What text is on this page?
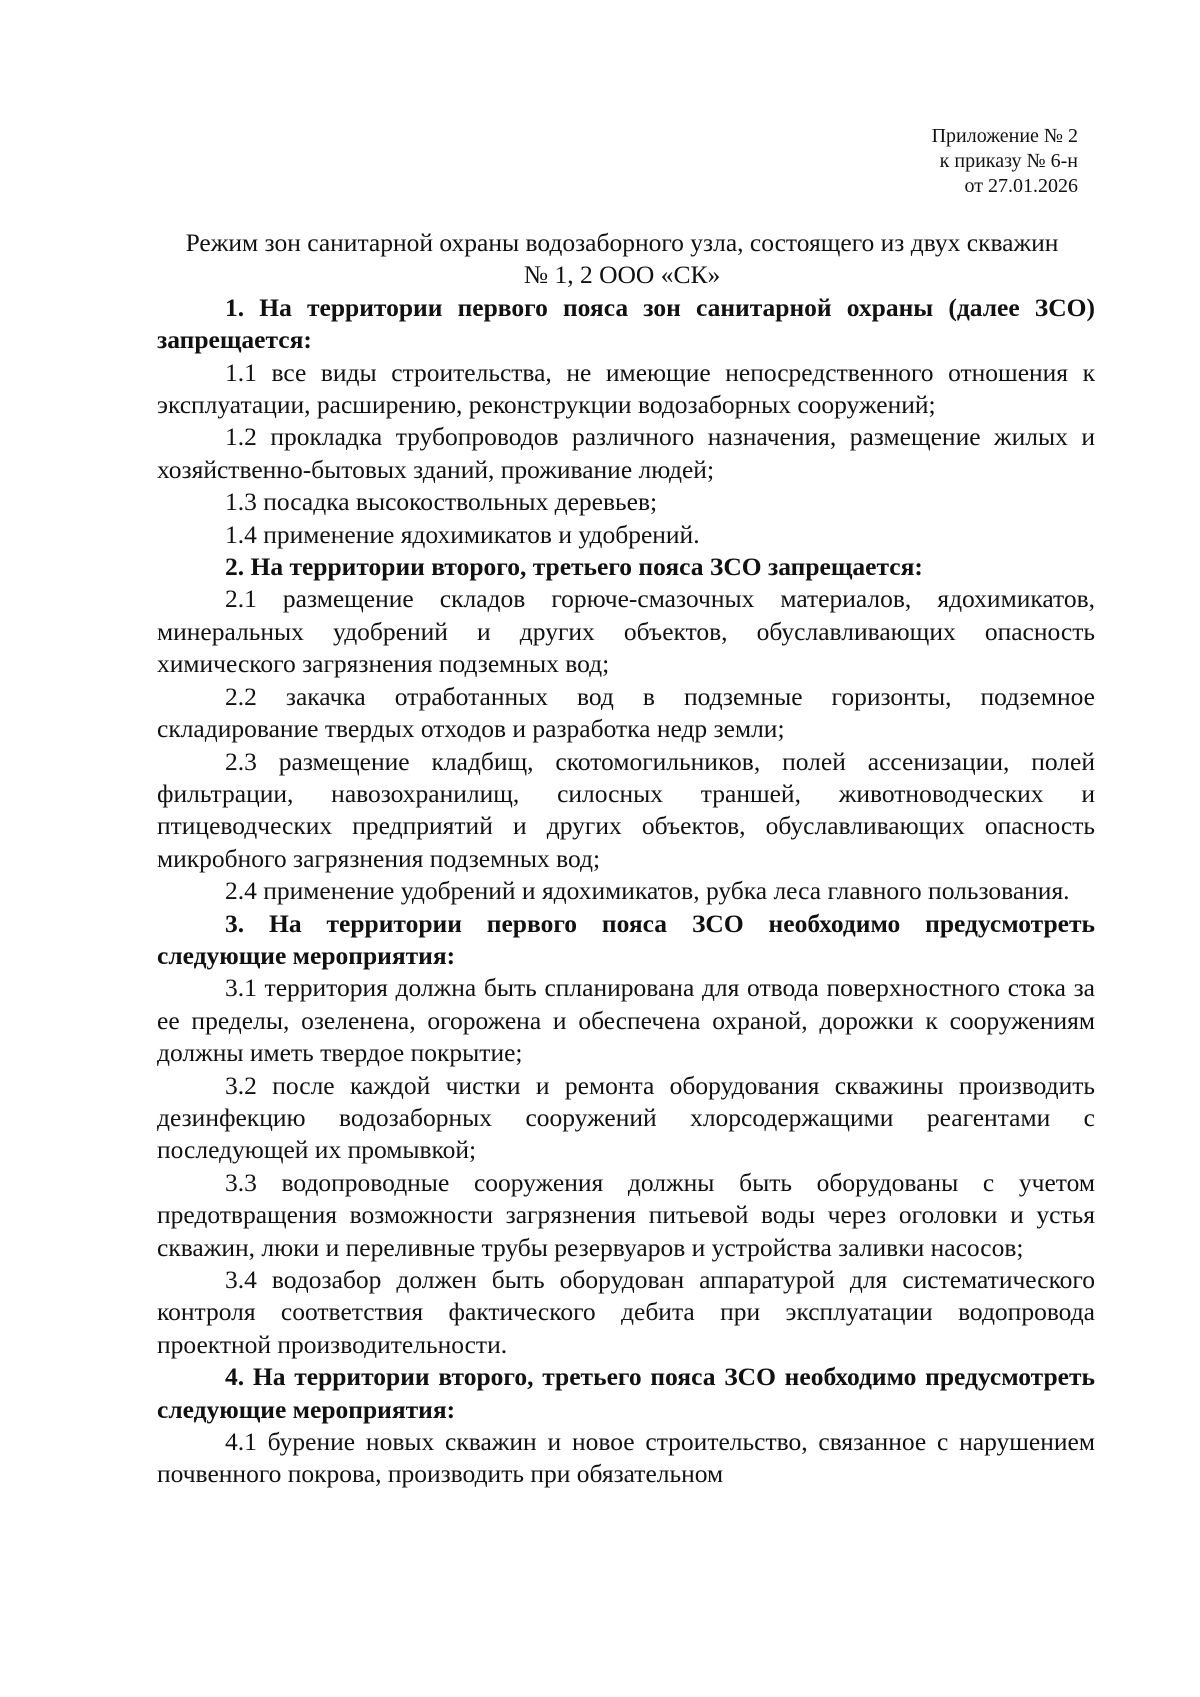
Приложение № 2
к приказу № 6-н
от 27.01.2026
Режим зон санитарной охраны водозаборного узла, состоящего из двух скважин № 1, 2 ООО «СК»

1. На территории первого пояса зон санитарной охраны (далее ЗСО) запрещается:

1.1 все виды строительства, не имеющие непосредственного отношения к эксплуатации, расширению, реконструкции водозаборных сооружений;

1.2 прокладка трубопроводов различного назначения, размещение жилых и хозяйственно-бытовых зданий, проживание людей;

1.3 посадка высокоствольных деревьев;

1.4 применение ядохимикатов и удобрений.

2. На территории второго, третьего пояса ЗСО запрещается:

2.1 размещение складов горюче-смазочных материалов, ядохимикатов, минеральных удобрений и других объектов, обуславливающих опасность химического загрязнения подземных вод;

2.2 закачка отработанных вод в подземные горизонты, подземное складирование твердых отходов и разработка недр земли;

2.3 размещение кладбищ, скотомогильников, полей ассенизации, полей фильтрации, навозохранилищ, силосных траншей, животноводческих и птицеводческих предприятий и других объектов, обуславливающих опасность микробного загрязнения подземных вод;

2.4 применение удобрений и ядохимикатов, рубка леса главного пользования.

3. На территории первого пояса ЗСО необходимо предусмотреть следующие мероприятия:

3.1 территория должна быть спланирована для отвода поверхностного стока за ее пределы, озеленена, огорожена и обеспечена охраной, дорожки к сооружениям должны иметь твердое покрытие;

3.2 после каждой чистки и ремонта оборудования скважины производить дезинфекцию водозаборных сооружений хлорсодержащими реагентами с последующей их промывкой;

3.3 водопроводные сооружения должны быть оборудованы с учетом предотвращения возможности загрязнения питьевой воды через оголовки и устья скважин, люки и переливные трубы резервуаров и устройства заливки насосов;

3.4 водозабор должен быть оборудован аппаратурой для систематического контроля соответствия фактического дебита при эксплуатации водопровода проектной производительности.

4. На территории второго, третьего пояса ЗСО необходимо предусмотреть следующие мероприятия:

4.1 бурение новых скважин и новое строительство, связанное с нарушением почвенного покрова, производить при обязательном
